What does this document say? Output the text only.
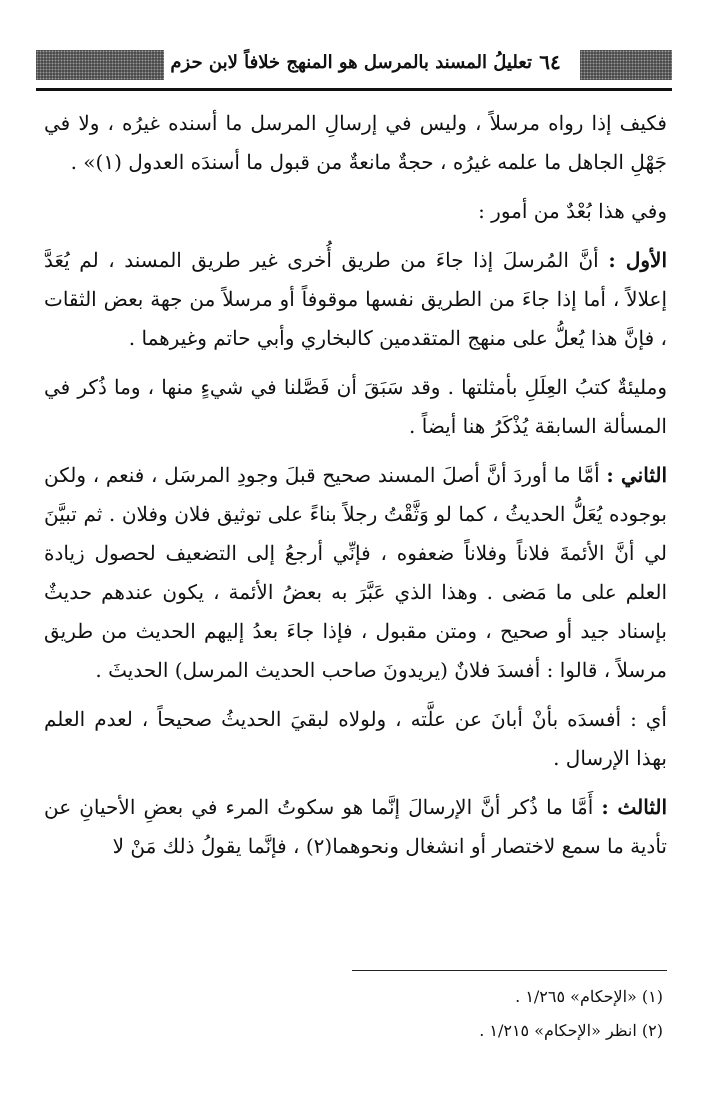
تعليلُ المسند بالمرسل هو المنهج خلافاً لابن حزم ٦٤

فكيف إذا رواه مرسلاً ، وليس في إرسالِ المرسل ما أسنده غيرُه ، ولا في جَهْلِ الجاهل ما علمه غيرُه ، حجةٌ مانعةٌ من قبول ما أسندَه العدول (١)» .

وفي هذا بُعْدٌ من أمور :

الأول : أنَّ المُرسلَ إذا جاءَ من طريق أُخرى غير طريق المسند ، لم يُعَدَّ إعلالاً ، أما إذا جاءَ من الطريق نفسها موقوفاً أو مرسلاً من جهة بعض الثقات ، فإنَّ هذا يُعلُّ على منهج المتقدمين كالبخاري وأبي حاتم وغيرهما .

ومليئةٌ كتبُ العِلَلِ بأمثلتها . وقد سَبَقَ أن فَصَّلنا في شيءٍ منها ، وما ذُكر في المسألة السابقة يُذْكَرُ هنا أيضاً .

الثاني : أمَّا ما أوردَ أنَّ أصلَ المسند صحيح قبلَ وجودِ المرسَل ، فنعم ، ولكن بوجوده يُعَلُّ الحديثُ ، كما لو وَثَّقْتُ رجلاً بناءً على توثيق فلان وفلان . ثم تبيَّنَ لي أنَّ الأئمةَ فلاناً وفلاناً ضعفوه ، فإنِّي أرجعُ إلى التضعيف لحصول زيادة العلم على ما مَضى . وهذا الذي عَبَّرَ به بعضُ الأئمة ، يكون عندهم حديثٌ بإسناد جيد أو صحيح ، ومتن مقبول ، فإذا جاءَ بعدُ إليهم الحديث من طريق مرسلاً ، قالوا : أفسدَ فلانٌ (يريدونَ صاحب الحديث المرسل) الحديثَ .

أي : أفسدَه بأنْ أبانَ عن علَّته ، ولولاه لبقيَ الحديثُ صحيحاً ، لعدم العلم بهذا الإرسال .

الثالث : أَمَّا ما ذُكر أنَّ الإرسالَ إنَّما هو سكوتُ المرء في بعضِ الأحيانِ عن تأدية ما سمع لاختصار أو انشغال ونحوهما(٢) ، فإنَّما يقولُ ذلك مَنْ لا

(١) «الإحكام» ١/٢٦٥ .
(٢) انظر «الإحكام» ١/٢١٥ .
